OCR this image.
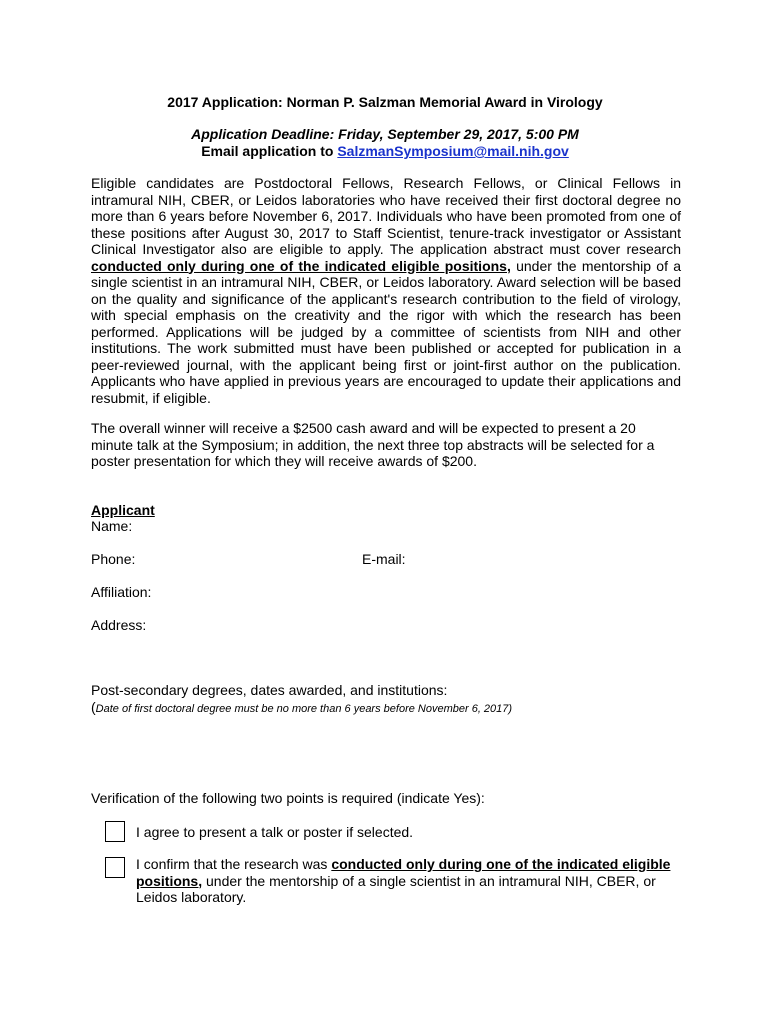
2017 Application: Norman P. Salzman Memorial Award in Virology
Application Deadline: Friday, September 29, 2017, 5:00 PM
Email application to SalzmanSymposium@mail.nih.gov
Eligible candidates are Postdoctoral Fellows, Research Fellows, or Clinical Fellows in intramural NIH, CBER, or Leidos laboratories who have received their first doctoral degree no more than 6 years before November 6, 2017. Individuals who have been promoted from one of these positions after August 30, 2017 to Staff Scientist, tenure-track investigator or Assistant Clinical Investigator also are eligible to apply. The application abstract must cover research conducted only during one of the indicated eligible positions, under the mentorship of a single scientist in an intramural NIH, CBER, or Leidos laboratory. Award selection will be based on the quality and significance of the applicant's research contribution to the field of virology, with special emphasis on the creativity and the rigor with which the research has been performed. Applications will be judged by a committee of scientists from NIH and other institutions. The work submitted must have been published or accepted for publication in a peer-reviewed journal, with the applicant being first or joint-first author on the publication. Applicants who have applied in previous years are encouraged to update their applications and resubmit, if eligible.
The overall winner will receive a $2500 cash award and will be expected to present a 20 minute talk at the Symposium; in addition, the next three top abstracts will be selected for a poster presentation for which they will receive awards of $200.
Applicant
Name:
Phone:	E-mail:
Affiliation:
Address:
Post-secondary degrees, dates awarded, and institutions:
(Date of first doctoral degree must be no more than 6 years before November 6, 2017)
Verification of the following two points is required (indicate Yes):
I agree to present a talk or poster if selected.
I confirm that the research was conducted only during one of the indicated eligible positions, under the mentorship of a single scientist in an intramural NIH, CBER, or Leidos laboratory.
